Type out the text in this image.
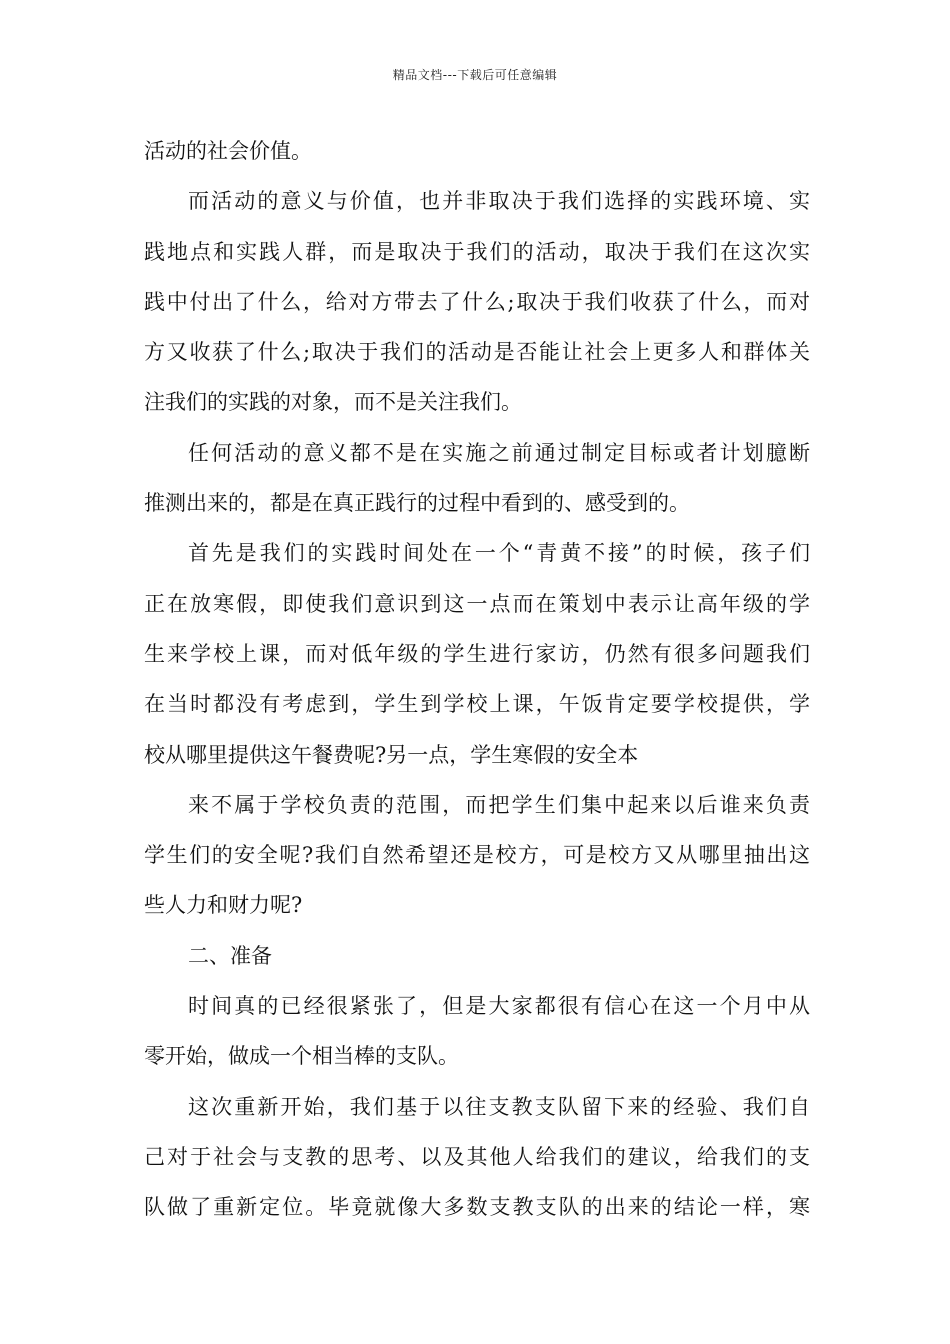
精品文档---下载后可任意编辑

活动的社会价值。

而活动的意义与价值，也并非取决于我们选择的实践环境、实
践地点和实践人群，而是取决于我们的活动，取决于我们在这次实
践中付出了什么，给对方带去了什么;取决于我们收获了什么，而对
方又收获了什么;取决于我们的活动是否能让社会上更多人和群体关
注我们的实践的对象，而不是关注我们。

任何活动的意义都不是在实施之前通过制定目标或者计划臆断
推测出来的，都是在真正践行的过程中看到的、感受到的。

首先是我们的实践时间处在一个“青黄不接”的时候，孩子们
正在放寒假，即使我们意识到这一点而在策划中表示让高年级的学
生来学校上课，而对低年级的学生进行家访，仍然有很多问题我们
在当时都没有考虑到，学生到学校上课，午饭肯定要学校提供，学
校从哪里提供这午餐费呢?另一点，学生寒假的安全本

来不属于学校负责的范围，而把学生们集中起来以后谁来负责
学生们的安全呢?我们自然希望还是校方，可是校方又从哪里抽出这
些人力和财力呢?

二、准备

时间真的已经很紧张了，但是大家都很有信心在这一个月中从
零开始，做成一个相当棒的支队。

这次重新开始，我们基于以往支教支队留下来的经验、我们自
己对于社会与支教的思考、以及其他人给我们的建议，给我们的支
队做了重新定位。毕竟就像大多数支教支队的出来的结论一样，寒
